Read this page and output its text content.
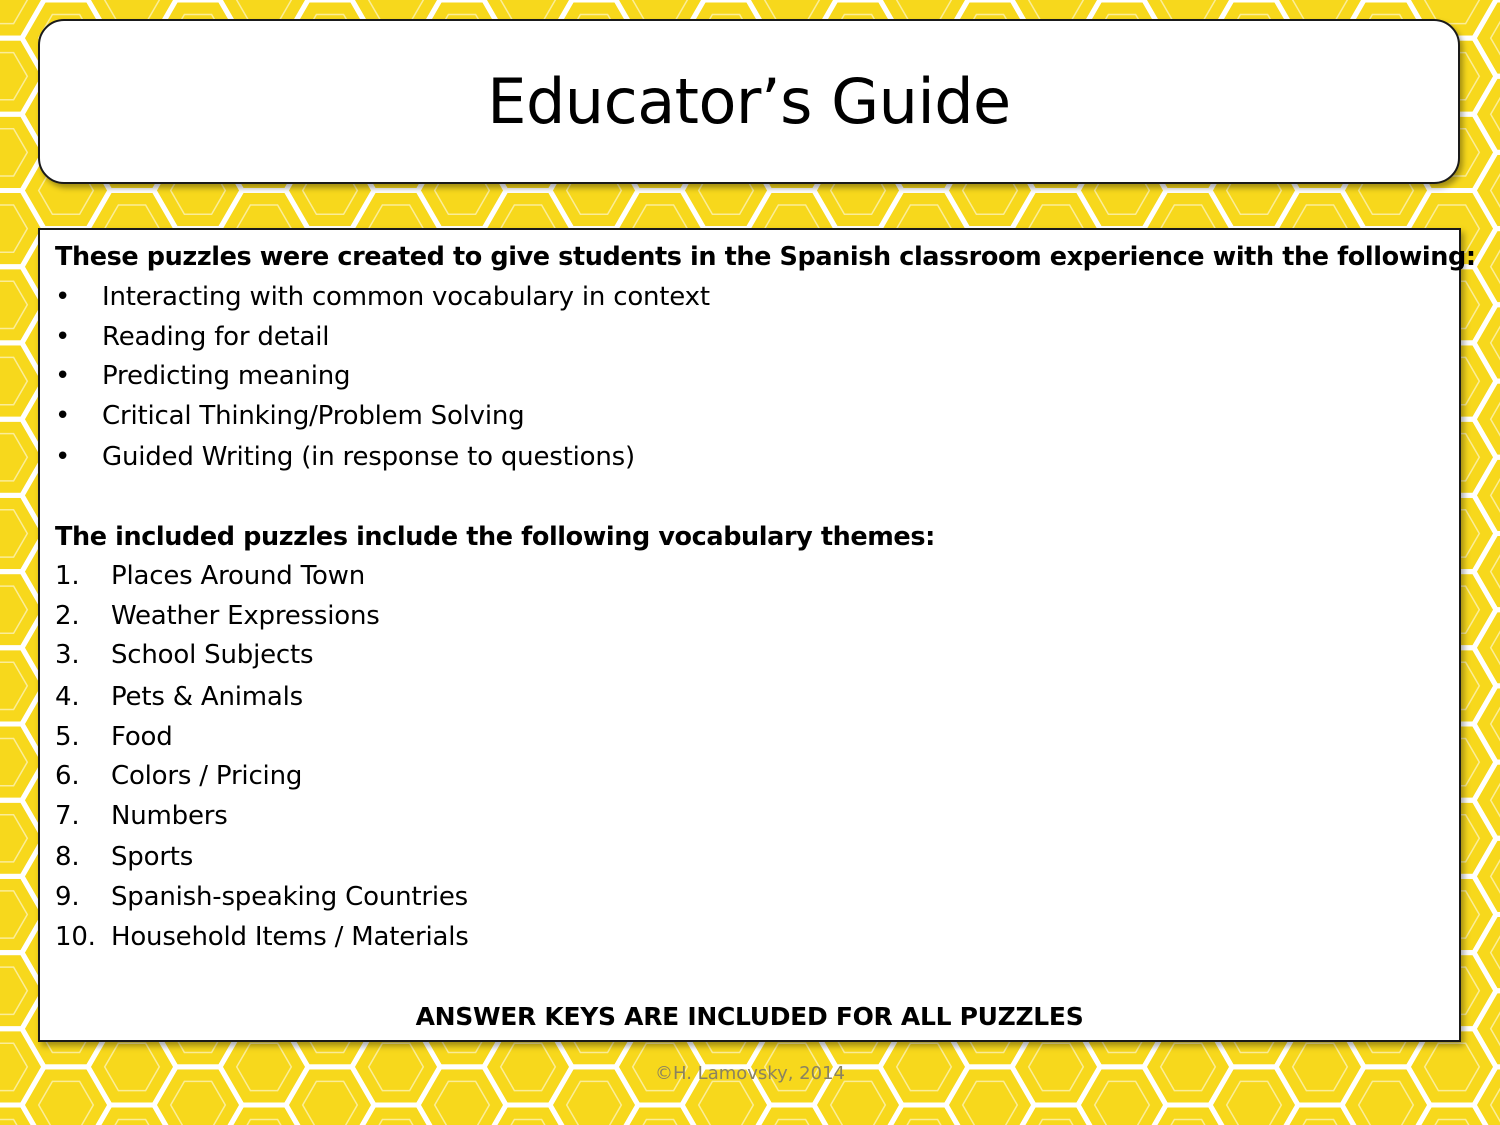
Educator’s Guide
These puzzles were created to give students in the Spanish classroom experience with the following:
• Interacting with common vocabulary in context
• Reading for detail
• Predicting meaning
• Critical Thinking/Problem Solving
• Guided Writing (in response to questions)
The included puzzles include the following vocabulary themes:
1. Places Around Town
2. Weather Expressions
3. School Subjects
4. Pets & Animals
5. Food
6. Colors / Pricing
7. Numbers
8. Sports
9. Spanish-speaking Countries
10. Household Items / Materials
ANSWER KEYS ARE INCLUDED FOR ALL PUZZLES
©H. Lamovsky, 2014
